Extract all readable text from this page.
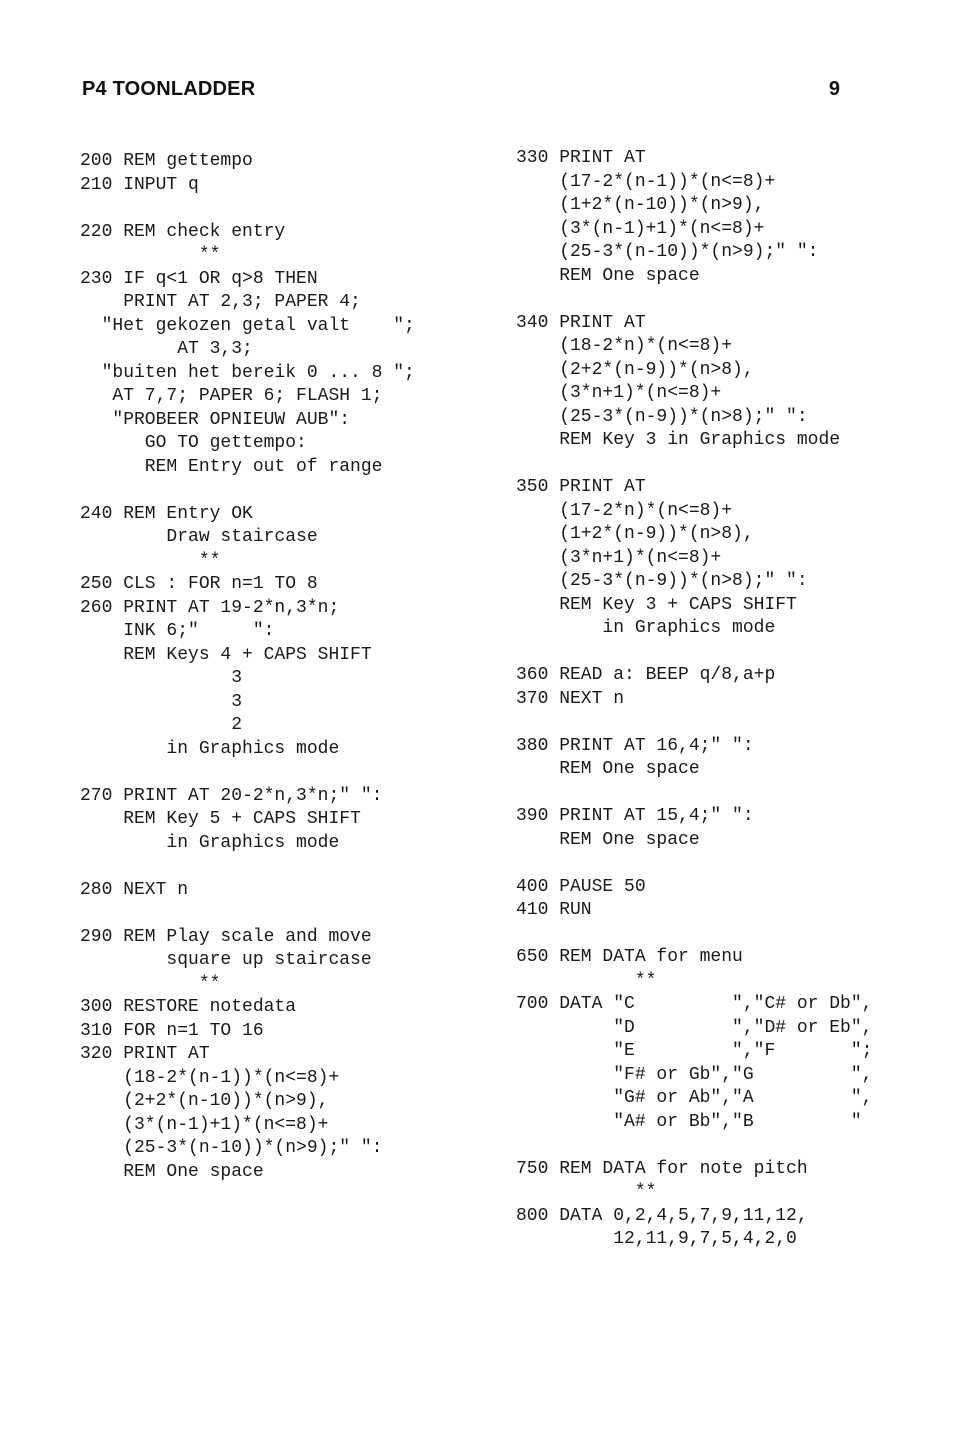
P4 TOONLADDER	9
200 REM gettempo
210 INPUT q

220 REM check entry
**
230 IF q<1 OR q>8 THEN
PRINT AT 2,3; PAPER 4;
"Het gekozen getal valt    ";
AT 3,3;
"buiten het bereik 0 ... 8 ";
AT 7,7; PAPER 6; FLASH 1;
"PROBEER OPNIEUW AUB":
GO TO gettempo:
REM Entry out of range

240 REM Entry OK
Draw staircase
**
250 CLS : FOR n=1 TO 8
260 PRINT AT 19-2*n,3*n;
INK 6;"     ":
REM Keys 4 + CAPS SHIFT
3
3
2
in Graphics mode

270 PRINT AT 20-2*n,3*n;" ":
REM Key 5 + CAPS SHIFT
in Graphics mode

280 NEXT n

290 REM Play scale and move
square up staircase
**
300 RESTORE notedata
310 FOR n=1 TO 16
320 PRINT AT
(18-2*(n-1))*(n<=8)+
(2+2*(n-10))*(n>9),
(3*(n-1)+1)*(n<=8)+
(25-3*(n-10))*(n>9);" ":
REM One space
330 PRINT AT
(17-2*(n-1))*(n<=8)+
(1+2*(n-10))*(n>9),
(3*(n-1)+1)*(n<=8)+
(25-3*(n-10))*(n>9);" ":
REM One space

340 PRINT AT
(18-2*n)*(n<=8)+
(2+2*(n-9))*(n>8),
(3*n+1)*(n<=8)+
(25-3*(n-9))*(n>8);" ":
REM Key 3 in Graphics mode

350 PRINT AT
(17-2*n)*(n<=8)+
(1+2*(n-9))*(n>8),
(3*n+1)*(n<=8)+
(25-3*(n-9))*(n>8);" ":
REM Key 3 + CAPS SHIFT
in Graphics mode

360 READ a: BEEP q/8,a+p
370 NEXT n

380 PRINT AT 16,4;" ":
REM One space

390 PRINT AT 15,4;" ":
REM One space

400 PAUSE 50
410 RUN

650 REM DATA for menu
**
700 DATA "C         ","C# or Db",
"D         ","D# or Eb",
"E         ","F       ";
"F# or Gb","G         ",
"G# or Ab","A         ",
"A# or Bb","B         "

750 REM DATA for note pitch
**
800 DATA 0,2,4,5,7,9,11,12,
12,11,9,7,5,4,2,0
